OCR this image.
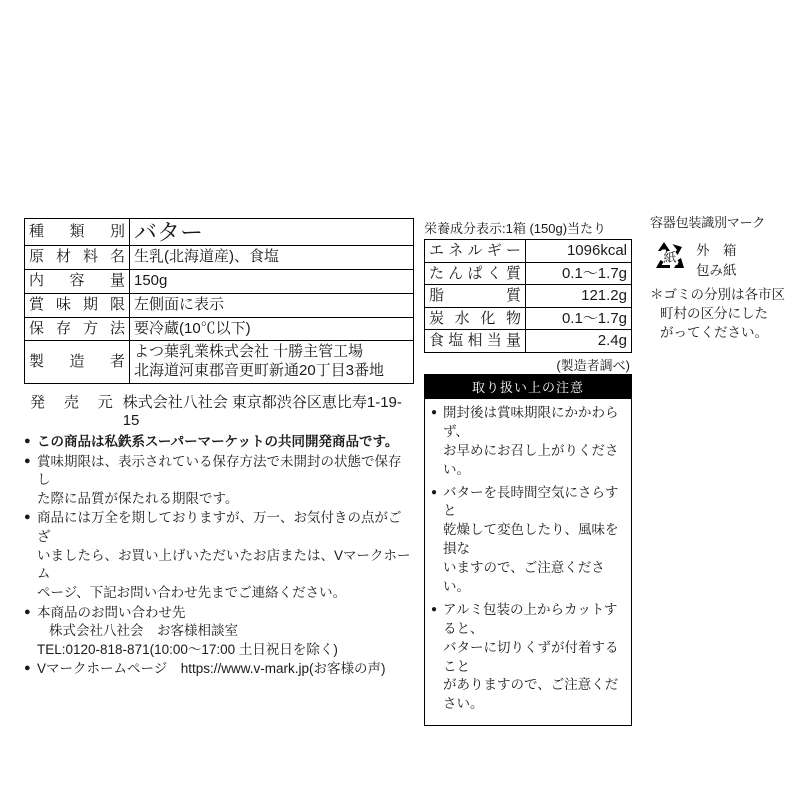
種 類 別	バター
原材料名	生乳(北海道産)、食塩
内 容 量	150g
賞味期限	左側面に表示
保存方法	要冷蔵(10℃以下)
製 造 者	よつ葉乳業株式会社 十勝主管工場
北海道河東郡音更町新通20丁目3番地
発 売 元 株式会社八社会 東京都渋谷区恵比寿1-19-15
● この商品は私鉄系スーパーマーケットの共同開発商品です。
● 賞味期限は、表示されている保存方法で未開封の状態で保存し
た際に品質が保たれる期限です。
● 商品には万全を期しておりますが、万一、お気付きの点がござ
いましたら、お買い上げいただいたお店または、Vマークホーム
ページ、下記お問い合わせ先までご連絡ください。
● 本商品のお問い合わせ先
株式会社八社会　お客様相談室
TEL:0120-818-871(10:00〜17:00 土日祝日を除く)
● Vマークホームページ　https://www.v-mark.jp(お客様の声)
栄養成分表示:1箱 (150g)当たり
エネルギー	1096kcal
たんぱく質	0.1〜1.7g
脂　　　質	121.2g
炭 水 化 物	0.1〜1.7g
食塩相当量	2.4g
(製造者調べ)
取り扱い上の注意
● 開封後は賞味期限にかかわらず、
お早めにお召し上がりください。
● バターを長時間空気にさらすと
乾燥して変色したり、風味を損な
いますので、ご注意ください。
● アルミ包装の上からカットすると、
バターに切りくずが付着すること
がありますので、ご注意ください。
容器包装識別マーク
紙	外　箱
包み紙
＊ゴミの分別は各市区
町村の区分にした
がってください。
